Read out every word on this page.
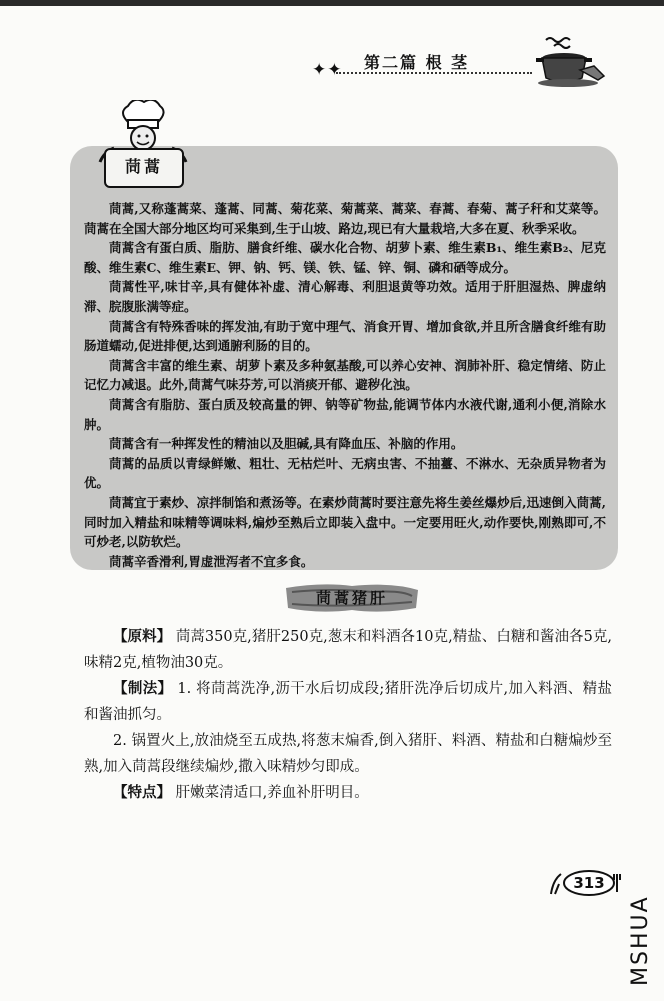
✦✦ 第二篇 根 茎
茼蒿

茼蒿,又称蓬蒿菜、蓬蒿、同蒿、菊花菜、菊蒿菜、蒿菜、春蒿、春菊、蒿子秆和艾菜等。茼蒿在全国大部分地区均可采集到,生于山坡、路边,现已有大量栽培,大多在夏、秋季采收。

茼蒿含有蛋白质、脂肪、膳食纤维、碳水化合物、胡萝卜素、维生素B₁、维生素B₂、尼克酸、维生素C、维生素E、钾、钠、钙、镁、铁、锰、锌、铜、磷和硒等成分。

茼蒿性平,味甘辛,具有健体补虚、清心解毒、利胆退黄等功效。适用于肝胆湿热、脾虚纳滞、脘腹胀满等症。

茼蒿含有特殊香味的挥发油,有助于宽中理气、消食开胃、增加食欲,并且所含膳食纤维有助肠道蠕动,促进排便,达到通腑利肠的目的。

茼蒿含丰富的维生素、胡萝卜素及多种氨基酸,可以养心安神、润肺补肝、稳定情绪、防止记忆力减退。此外,茼蒿气味芬芳,可以消痰开郁、避秽化浊。

茼蒿含有脂肪、蛋白质及较高量的钾、钠等矿物盐,能调节体内水液代谢,通利小便,消除水肿。

茼蒿含有一种挥发性的精油以及胆碱,具有降血压、补脑的作用。

茼蒿的品质以青绿鲜嫩、粗壮、无枯烂叶、无病虫害、不抽薹、不淋水、无杂质异物者为优。

茼蒿宜于素炒、凉拌制馅和煮汤等。在素炒茼蒿时要注意先将生姜丝爆炒后,迅速倒入茼蒿,同时加入精盐和味精等调味料,煸炒至熟后立即装入盘中。一定要用旺火,动作要快,刚熟即可,不可炒老,以防软烂。

茼蒿辛香滑利,胃虚泄泻者不宜多食。

茼蒿猪肝

【原料】 茼蒿350克,猪肝250克,葱末和料酒各10克,精盐、白糖和酱油各5克,味精2克,植物油30克。

【制法】 1. 将茼蒿洗净,沥干水后切成段;猪肝洗净后切成片,加入料酒、精盐和酱油抓匀。

2. 锅置火上,放油烧至五成热,将葱末煸香,倒入猪肝、料酒、精盐和白糖煸炒至熟,加入茼蒿段继续煸炒,撒入味精炒匀即成。

【特点】 肝嫩菜清适口,养血补肝明目。

313
MSHUA
